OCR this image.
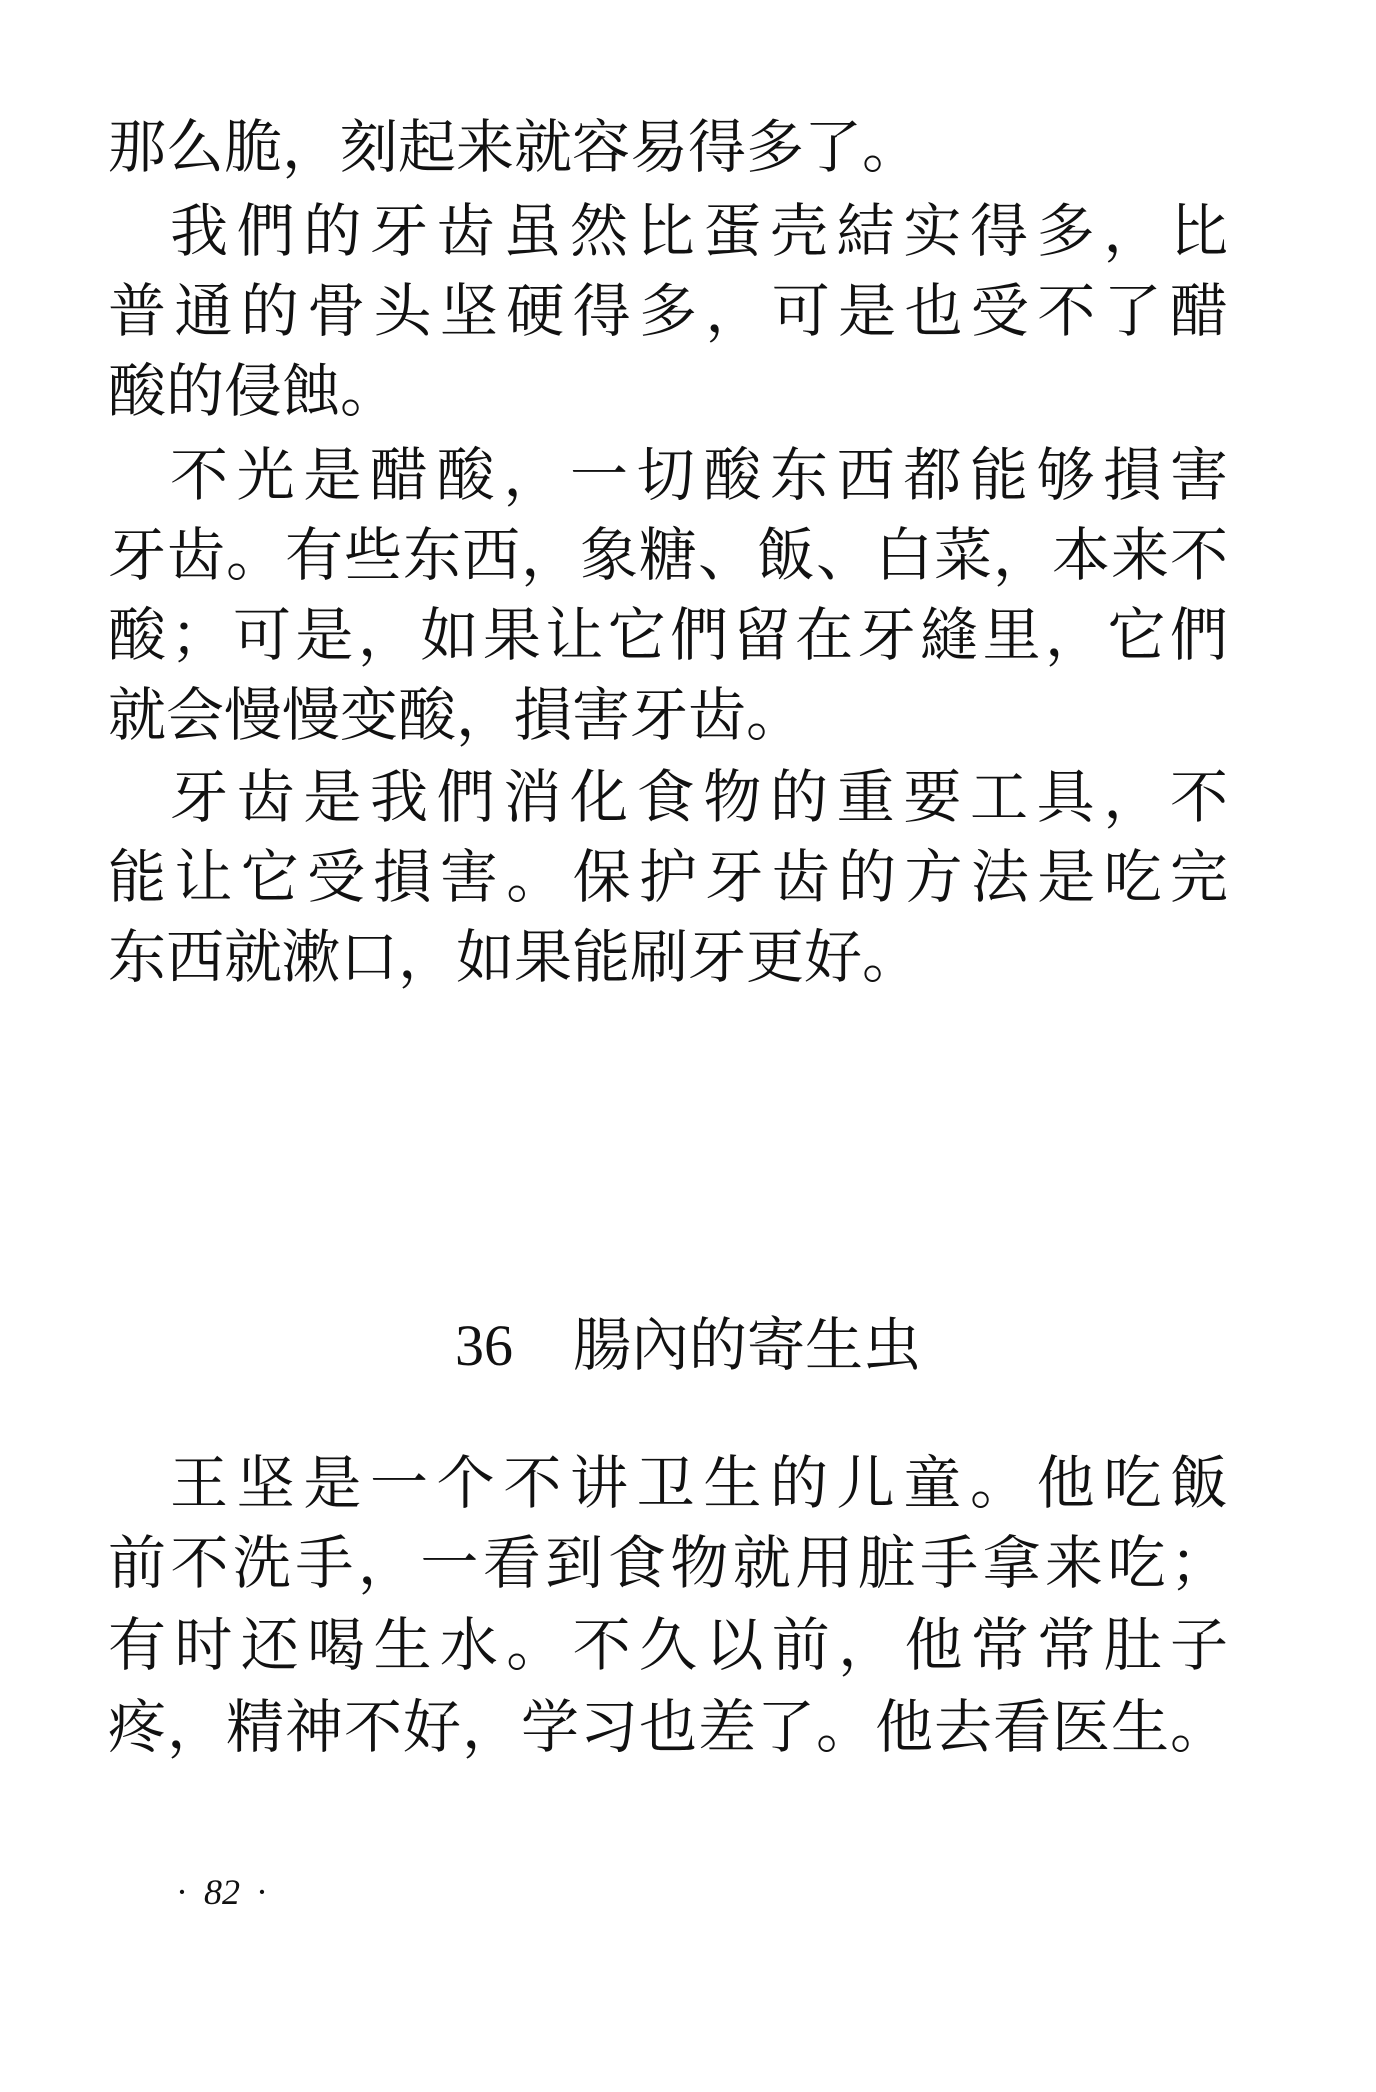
那么脆，刻起来就容易得多了。
我們的牙齿虽然比蛋壳結实得多，比
普通的骨头坚硬得多，可是也受不了醋
酸的侵蝕。
不光是醋酸，一切酸东西都能够損害
牙齿。有些东西，象糖、飯、白菜，本来不
酸；可是，如果让它們留在牙縫里，它們
就会慢慢变酸，損害牙齿。
牙齿是我們消化食物的重要工具，不
能让它受損害。保护牙齿的方法是吃完
东西就漱口，如果能刷牙更好。
36 腸內的寄生虫
王坚是一个不讲卫生的儿童。他吃飯
前不洗手，一看到食物就用脏手拿来吃；
有时还喝生水。不久以前，他常常肚子
疼，精神不好，学习也差了。他去看医生。
· 82 ·
